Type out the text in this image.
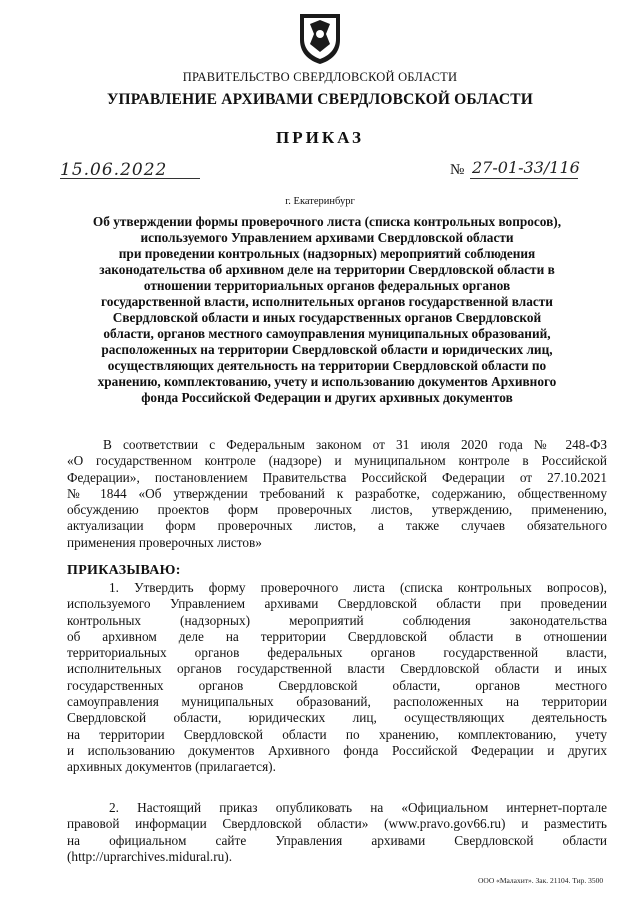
ПРАВИТЕЛЬСТВО СВЕРДЛОВСКОЙ ОБЛАСТИ
УПРАВЛЕНИЕ АРХИВАМИ СВЕРДЛОВСКОЙ ОБЛАСТИ
ПРИКАЗ
15.06.2022	№ 27-01-33/116
г. Екатеринбург
Об утверждении формы проверочного листа (списка контрольных вопросов),
используемого Управлением архивами Свердловской области
при проведении контрольных (надзорных) мероприятий соблюдения
законодательства об архивном деле на территории Свердловской области в
отношении территориальных органов федеральных органов
государственной власти, исполнительных органов государственной власти
Свердловской области и иных государственных органов Свердловской
области, органов местного самоуправления муниципальных образований,
расположенных на территории Свердловской области и юридических лиц,
осуществляющих деятельность на территории Свердловской области по
хранению, комплектованию, учету и использованию документов Архивного
фонда Российской Федерации и других архивных документов
В соответствии с Федеральным законом от 31 июля 2020 года № 248-ФЗ
«О государственном контроле (надзоре) и муниципальном контроле в Российской
Федерации», постановлением Правительства Российской Федерации от 27.10.2021
№ 1844 «Об утверждении требований к разработке, содержанию, общественному
обсуждению проектов форм проверочных листов, утверждению, применению,
актуализации форм проверочных листов, а также случаев обязательного
применения проверочных листов»
ПРИКАЗЫВАЮ:
1. Утвердить форму проверочного листа (списка контрольных вопросов),
используемого Управлением архивами Свердловской области при проведении
контрольных (надзорных) мероприятий соблюдения законодательства
об архивном деле на территории Свердловской области в отношении
территориальных органов федеральных органов государственной власти,
исполнительных органов государственной власти Свердловской области и иных
государственных органов Свердловской области, органов местного
самоуправления муниципальных образований, расположенных на территории
Свердловской области, юридических лиц, осуществляющих деятельность
на территории Свердловской области по хранению, комплектованию, учету
и использованию документов Архивного фонда Российской Федерации и других
архивных документов (прилагается).
2. Настоящий приказ опубликовать на «Официальном интернет-портале
правовой информации Свердловской области» (www.pravo.gov66.ru) и разместить
на официальном сайте Управления архивами Свердловской области
(http://uprarchives.midural.ru).
ООО «Малахит». Зак. 21104. Тир. 3500
